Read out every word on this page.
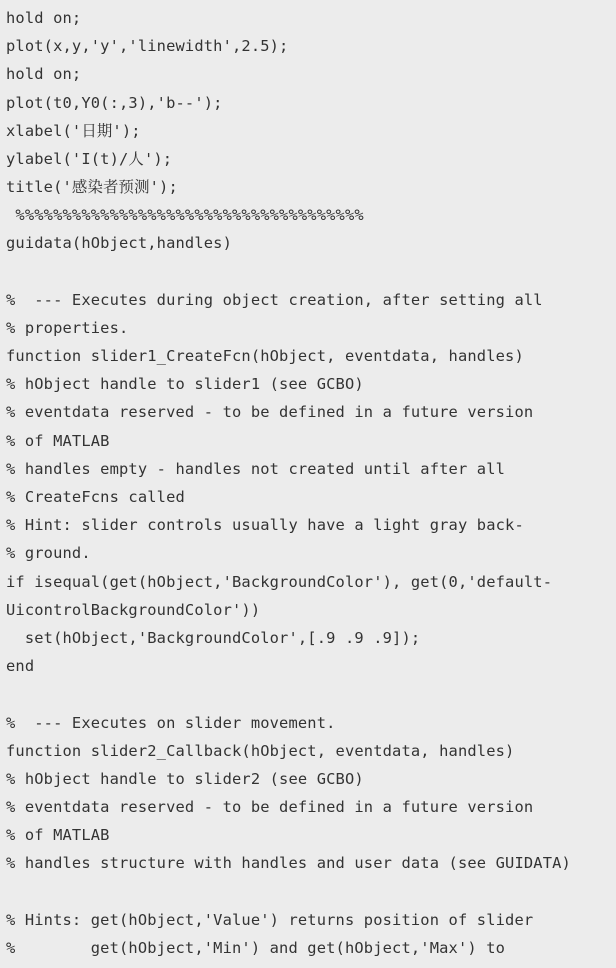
hold on;
plot(x,y,'y','linewidth',2.5);
hold on;
plot(t0,Y0(:,3),'b--');
xlabel('日期');
ylabel('I(t)/人');
title('感染者预测');
%%%%%%%%%%%%%%%%%%%%%%%%%%%%%%%%%%%%%
guidata(hObject,handles)
%  --- Executes during object creation, after setting all
% properties.
function slider1_CreateFcn(hObject, eventdata, handles)
% hObject handle to slider1 (see GCBO)
% eventdata reserved - to be defined in a future version
% of MATLAB
% handles empty - handles not created until after all
% CreateFcns called
% Hint: slider controls usually have a light gray back-
% ground.
if isequal(get(hObject,'BackgroundColor'), get(0,'default-
UicontrolBackgroundColor'))
set(hObject,'BackgroundColor',[.9 .9 .9]);
end
%  --- Executes on slider movement.
function slider2_Callback(hObject, eventdata, handles)
% hObject handle to slider2 (see GCBO)
% eventdata reserved - to be defined in a future version
% of MATLAB
% handles structure with handles and user data (see GUIDATA)
% Hints: get(hObject,'Value') returns position of slider
%        get(hObject,'Min') and get(hObject,'Max') to
